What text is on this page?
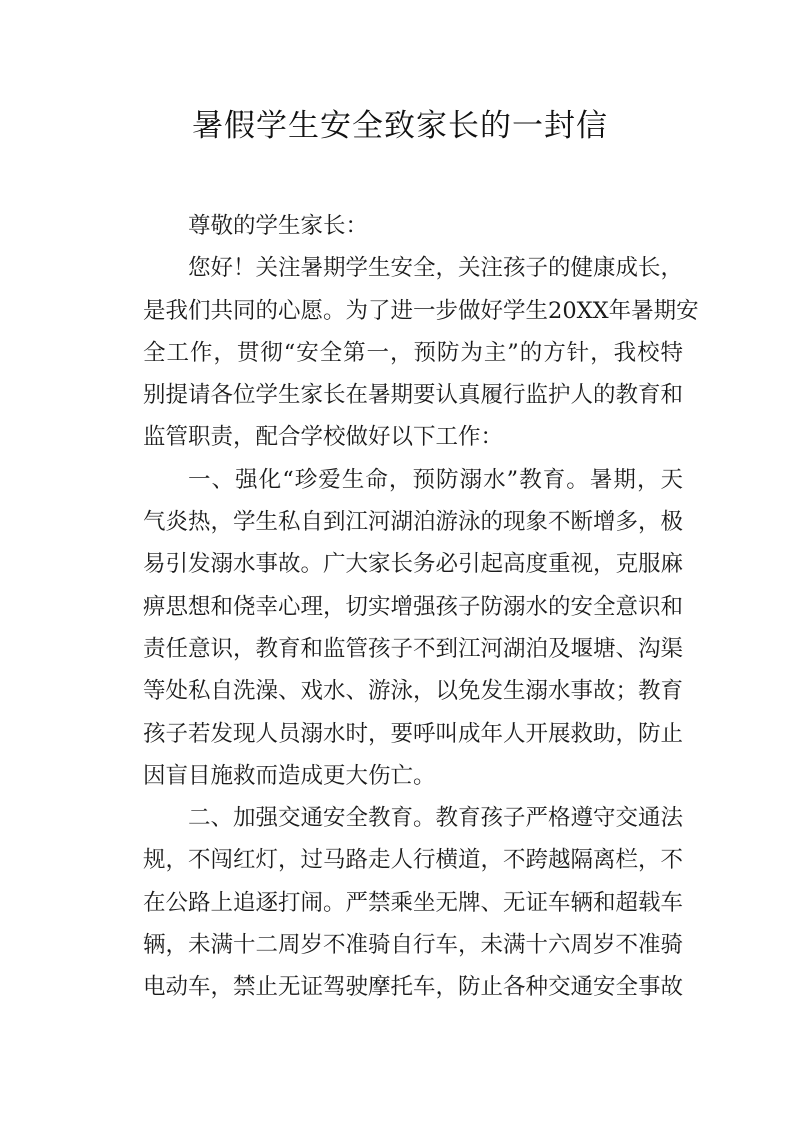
暑假学生安全致家长的一封信
尊敬的学生家长：
您好！关注暑期学生安全，关注孩子的健康成长，
是我们共同的心愿。为了进一步做好学生20XX年暑期安
全工作，贯彻“安全第一，预防为主”的方针，我校特
别提请各位学生家长在暑期要认真履行监护人的教育和
监管职责，配合学校做好以下工作：
一、强化“珍爱生命，预防溺水”教育。暑期，天
气炎热，学生私自到江河湖泊游泳的现象不断增多，极
易引发溺水事故。广大家长务必引起高度重视，克服麻
痹思想和侥幸心理，切实增强孩子防溺水的安全意识和
责任意识，教育和监管孩子不到江河湖泊及堰塘、沟渠
等处私自洗澡、戏水、游泳，以免发生溺水事故；教育
孩子若发现人员溺水时，要呼叫成年人开展救助，防止
因盲目施救而造成更大伤亡。
二、加强交通安全教育。教育孩子严格遵守交通法
规，不闯红灯，过马路走人行横道，不跨越隔离栏，不
在公路上追逐打闹。严禁乘坐无牌、无证车辆和超载车
辆，未满十二周岁不准骑自行车，未满十六周岁不准骑
电动车，禁止无证驾驶摩托车，防止各种交通安全事故
